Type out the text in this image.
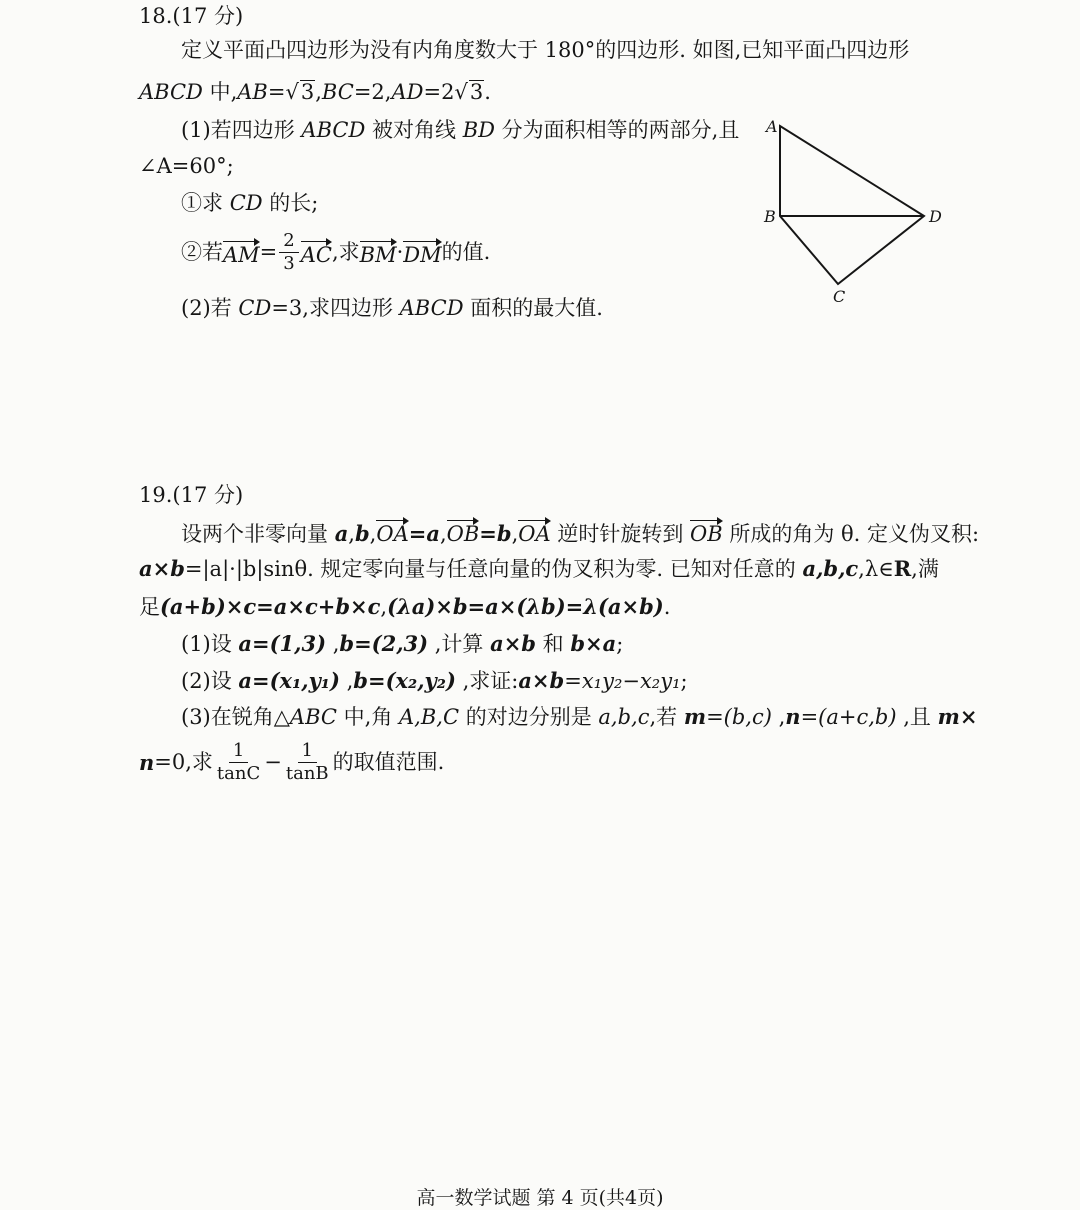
18.(17 分)
定义平面凸四边形为没有内角度数大于 180°的四边形. 如图,已知平面凸四边形
ABCD 中,AB=√3,BC=2,AD=2√3.
(1)若四边形 ABCD 被对角线 BD 分为面积相等的两部分,且
∠A=60°;
①求 CD 的长;
②若 AM = $\frac{2}{3}$ AC ,求 BM · DM 的值.
(2)若 CD=3,求四边形 ABCD 面积的最大值.
A
B
C
D
19.(17 分)
设两个非零向量 a,b,OA=a,OB=b,OA 逆时针旋转到 OB 所成的角为 θ. 定义伪叉积:
a×b=|a|·|b|sinθ. 规定零向量与任意向量的伪叉积为零. 已知对任意的 a,b,c,λ∈R,满
足(a+b)×c=a×c+b×c,(λa)×b=a×(λb)=λ(a×b).
(1)设 a=(1,3) ,b=(2,3) ,计算 a×b 和 b×a;
(2)设 a=(x₁,y₁) ,b=(x₂,y₂) ,求证:a×b=x₁y₂−x₂y₁;
(3)在锐角△ABC 中,角 A,B,C 的对边分别是 a,b,c,若 m=(b,c) ,n=(a+c,b) ,且 m×
n =0,求 $\frac{1}{\tan C} - \frac{1}{\tan B}$ 的取值范围.
高一数学试题 第 4 页(共4页)
